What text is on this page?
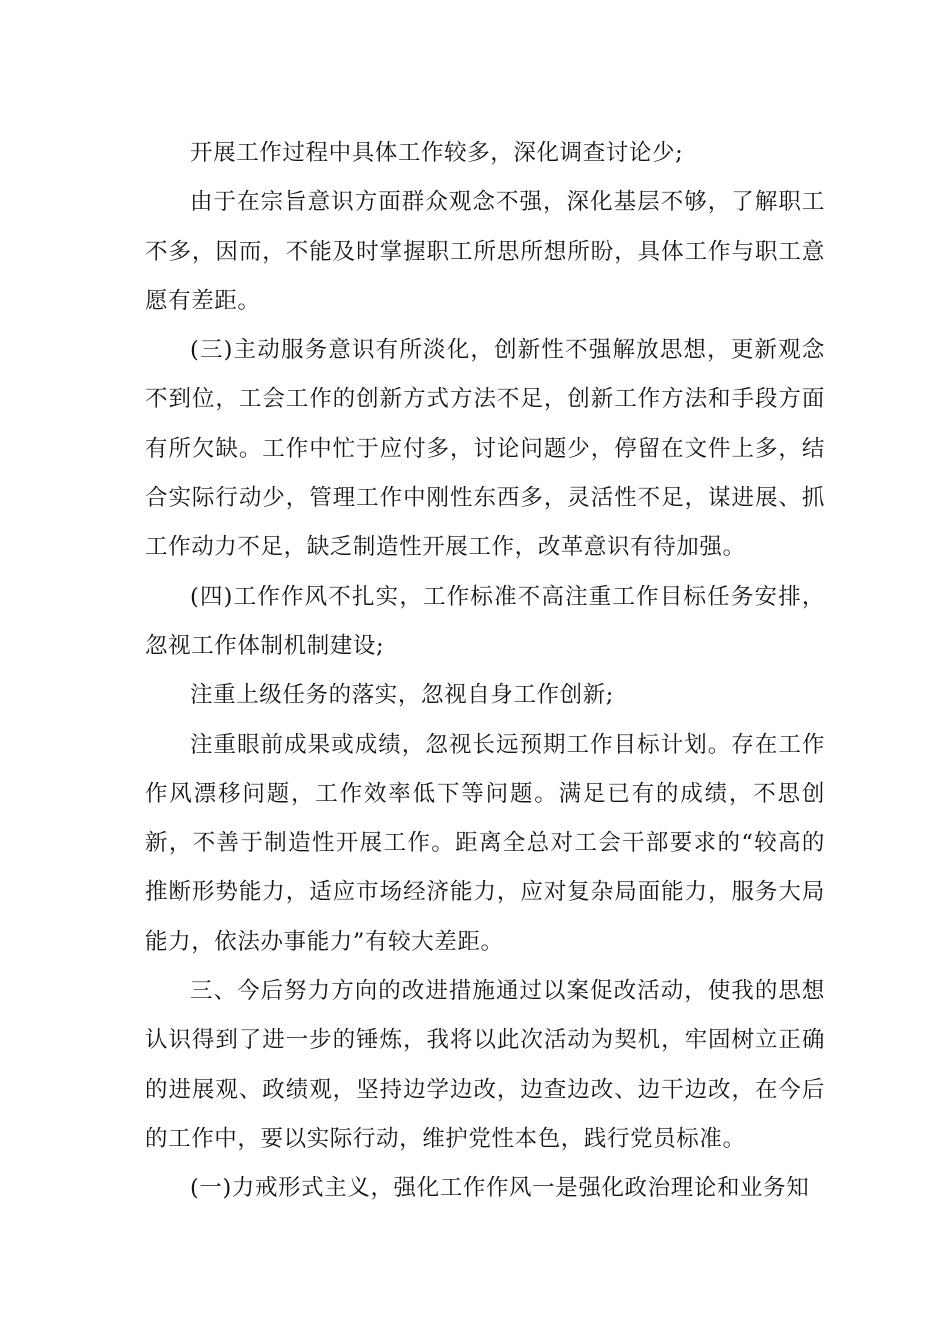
开展工作过程中具体工作较多，深化调查讨论少;

由于在宗旨意识方面群众观念不强，深化基层不够，了解职工不多，因而，不能及时掌握职工所思所想所盼，具体工作与职工意愿有差距。

(三)主动服务意识有所淡化，创新性不强解放思想，更新观念不到位，工会工作的创新方式方法不足，创新工作方法和手段方面有所欠缺。工作中忙于应付多，讨论问题少，停留在文件上多，结合实际行动少，管理工作中刚性东西多，灵活性不足，谋进展、抓工作动力不足，缺乏制造性开展工作，改革意识有待加强。

(四)工作作风不扎实，工作标准不高注重工作目标任务安排，忽视工作体制机制建设;

注重上级任务的落实，忽视自身工作创新;

注重眼前成果或成绩，忽视长远预期工作目标计划。存在工作作风漂移问题，工作效率低下等问题。满足已有的成绩，不思创新，不善于制造性开展工作。距离全总对工会干部要求的“较高的推断形势能力，适应市场经济能力，应对复杂局面能力，服务大局能力，依法办事能力”有较大差距。

三、今后努力方向的改进措施通过以案促改活动，使我的思想认识得到了进一步的锤炼，我将以此次活动为契机，牢固树立正确的进展观、政绩观，坚持边学边改，边查边改、边干边改，在今后的工作中，要以实际行动，维护党性本色，践行党员标准。

(一)力戒形式主义，强化工作作风一是强化政治理论和业务知
